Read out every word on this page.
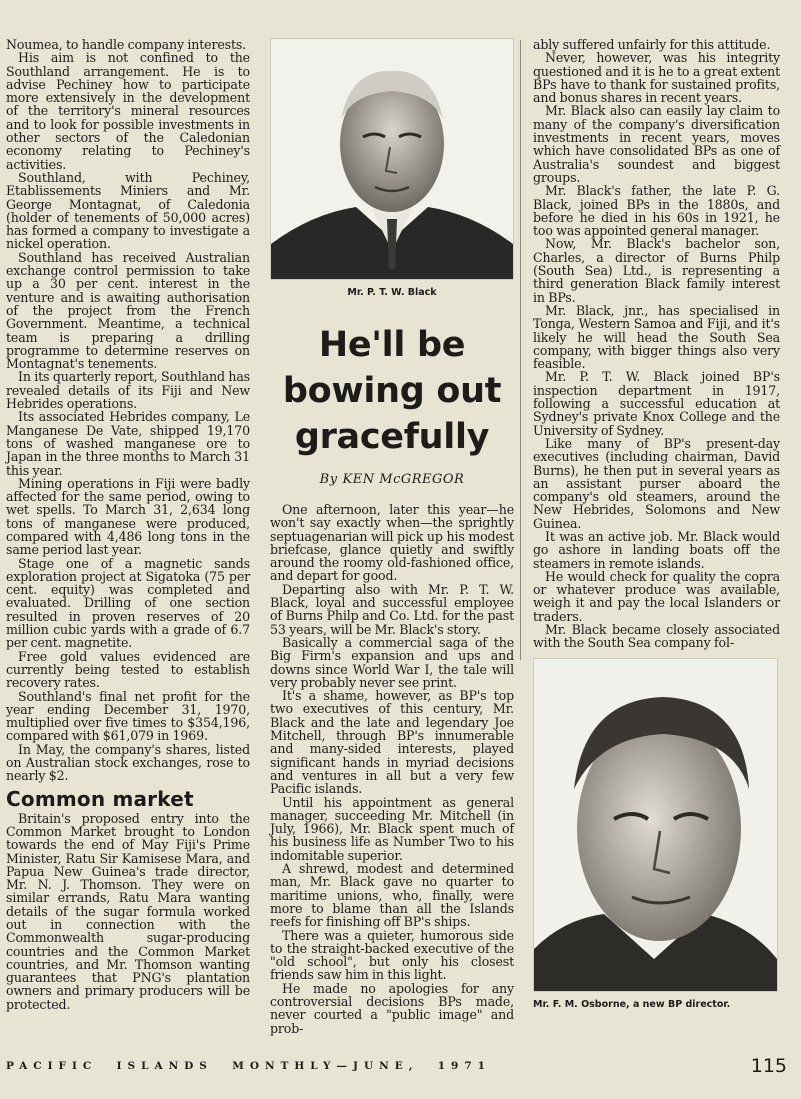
Noumea, to handle company interests.

His aim is not confined to the Southland arrangement. He is to advise Pechiney how to participate more extensively in the development of the territory's mineral resources and to look for possible investments in other sectors of the Caledonian economy relating to Pechiney's activities.

Southland, with Pechiney, Etablissements Miniers and Mr. George Montagnat, of Caledonia (holder of tenements of 50,000 acres) has formed a company to investigate a nickel operation.

Southland has received Australian exchange control permission to take up a 30 per cent. interest in the venture and is awaiting authorisation of the project from the French Government. Meantime, a technical team is preparing a drilling programme to determine reserves on Montagnat's tenements.

In its quarterly report, Southland has revealed details of its Fiji and New Hebrides operations.

Its associated Hebrides company, Le Manganese De Vate, shipped 19,170 tons of washed manganese ore to Japan in the three months to March 31 this year.

Mining operations in Fiji were badly affected for the same period, owing to wet spells. To March 31, 2,634 long tons of manganese were produced, compared with 4,486 long tons in the same period last year.

Stage one of a magnetic sands exploration project at Sigatoka (75 per cent. equity) was completed and evaluated. Drilling of one section resulted in proven reserves of 20 million cubic yards with a grade of 6.7 per cent. magnetite.

Free gold values evidenced are currently being tested to establish recovery rates.

Southland's final net profit for the year ending December 31, 1970, multiplied over five times to $354,196, compared with $61,079 in 1969.

In May, the company's shares, listed on Australian stock exchanges, rose to nearly $2.

Common market

Britain's proposed entry into the Common Market brought to London towards the end of May Fiji's Prime Minister, Ratu Sir Kamisese Mara, and Papua New Guinea's trade director, Mr. N. J. Thomson. They were on similar errands, Ratu Mara wanting details of the sugar formula worked out in connection with the Commonwealth sugar-producing countries and the Common Market countries, and Mr. Thomson wanting guarantees that PNG's plantation owners and primary producers will be protected.

Mr. P. T. W. Black
He'll be
bowing out
gracefully
By KEN McGREGOR

One afternoon, later this year—he won't say exactly when—the sprightly septuagenarian will pick up his modest briefcase, glance quietly and swiftly around the roomy old-fashioned office, and depart for good.

Departing also with Mr. P. T. W. Black, loyal and successful employee of Burns Philp and Co. Ltd. for the past 53 years, will be Mr. Black's story.

Basically a commercial saga of the Big Firm's expansion and ups and downs since World War I, the tale will very probably never see print.

It's a shame, however, as BP's top two executives of this century, Mr. Black and the late and legendary Joe Mitchell, through BP's innumerable and many-sided interests, played significant hands in myriad decisions and ventures in all but a very few Pacific islands.

Until his appointment as general manager, succeeding Mr. Mitchell (in July, 1966), Mr. Black spent much of his business life as Number Two to his indomitable superior.

A shrewd, modest and determined man, Mr. Black gave no quarter to maritime unions, who, finally, were more to blame than all the Islands reefs for finishing off BP's ships.

There was a quieter, humorous side to the straight-backed executive of the "old school", but only his closest friends saw him in this light.

He made no apologies for any controversial decisions BPs made, never courted a "public image" and prob-

ably suffered unfairly for this attitude.

Never, however, was his integrity questioned and it is he to a great extent BPs have to thank for sustained profits, and bonus shares in recent years.

Mr. Black also can easily lay claim to many of the company's diversification investments in recent years, moves which have consolidated BPs as one of Australia's soundest and biggest groups.

Mr. Black's father, the late P. G. Black, joined BPs in the 1880s, and before he died in his 60s in 1921, he too was appointed general manager.

Now, Mr. Black's bachelor son, Charles, a director of Burns Philp (South Sea) Ltd., is representing a third generation Black family interest in BPs.

Mr. Black, jnr., has specialised in Tonga, Western Samoa and Fiji, and it's likely he will head the South Sea company, with bigger things also very feasible.

Mr. P. T. W. Black joined BP's inspection department in 1917, following a successful education at Sydney's private Knox College and the University of Sydney.

Like many of BP's present-day executives (including chairman, David Burns), he then put in several years as an assistant purser aboard the company's old steamers, around the New Hebrides, Solomons and New Guinea.

It was an active job. Mr. Black would go ashore in landing boats off the steamers in remote islands.

He would check for quality the copra or whatever produce was available, weigh it and pay the local Islanders or traders.

Mr. Black became closely associated with the South Sea company fol-

Mr. F. M. Osborne, a new BP director.
PACIFIC  ISLANDS  MONTHLY—JUNE,  1971	115
